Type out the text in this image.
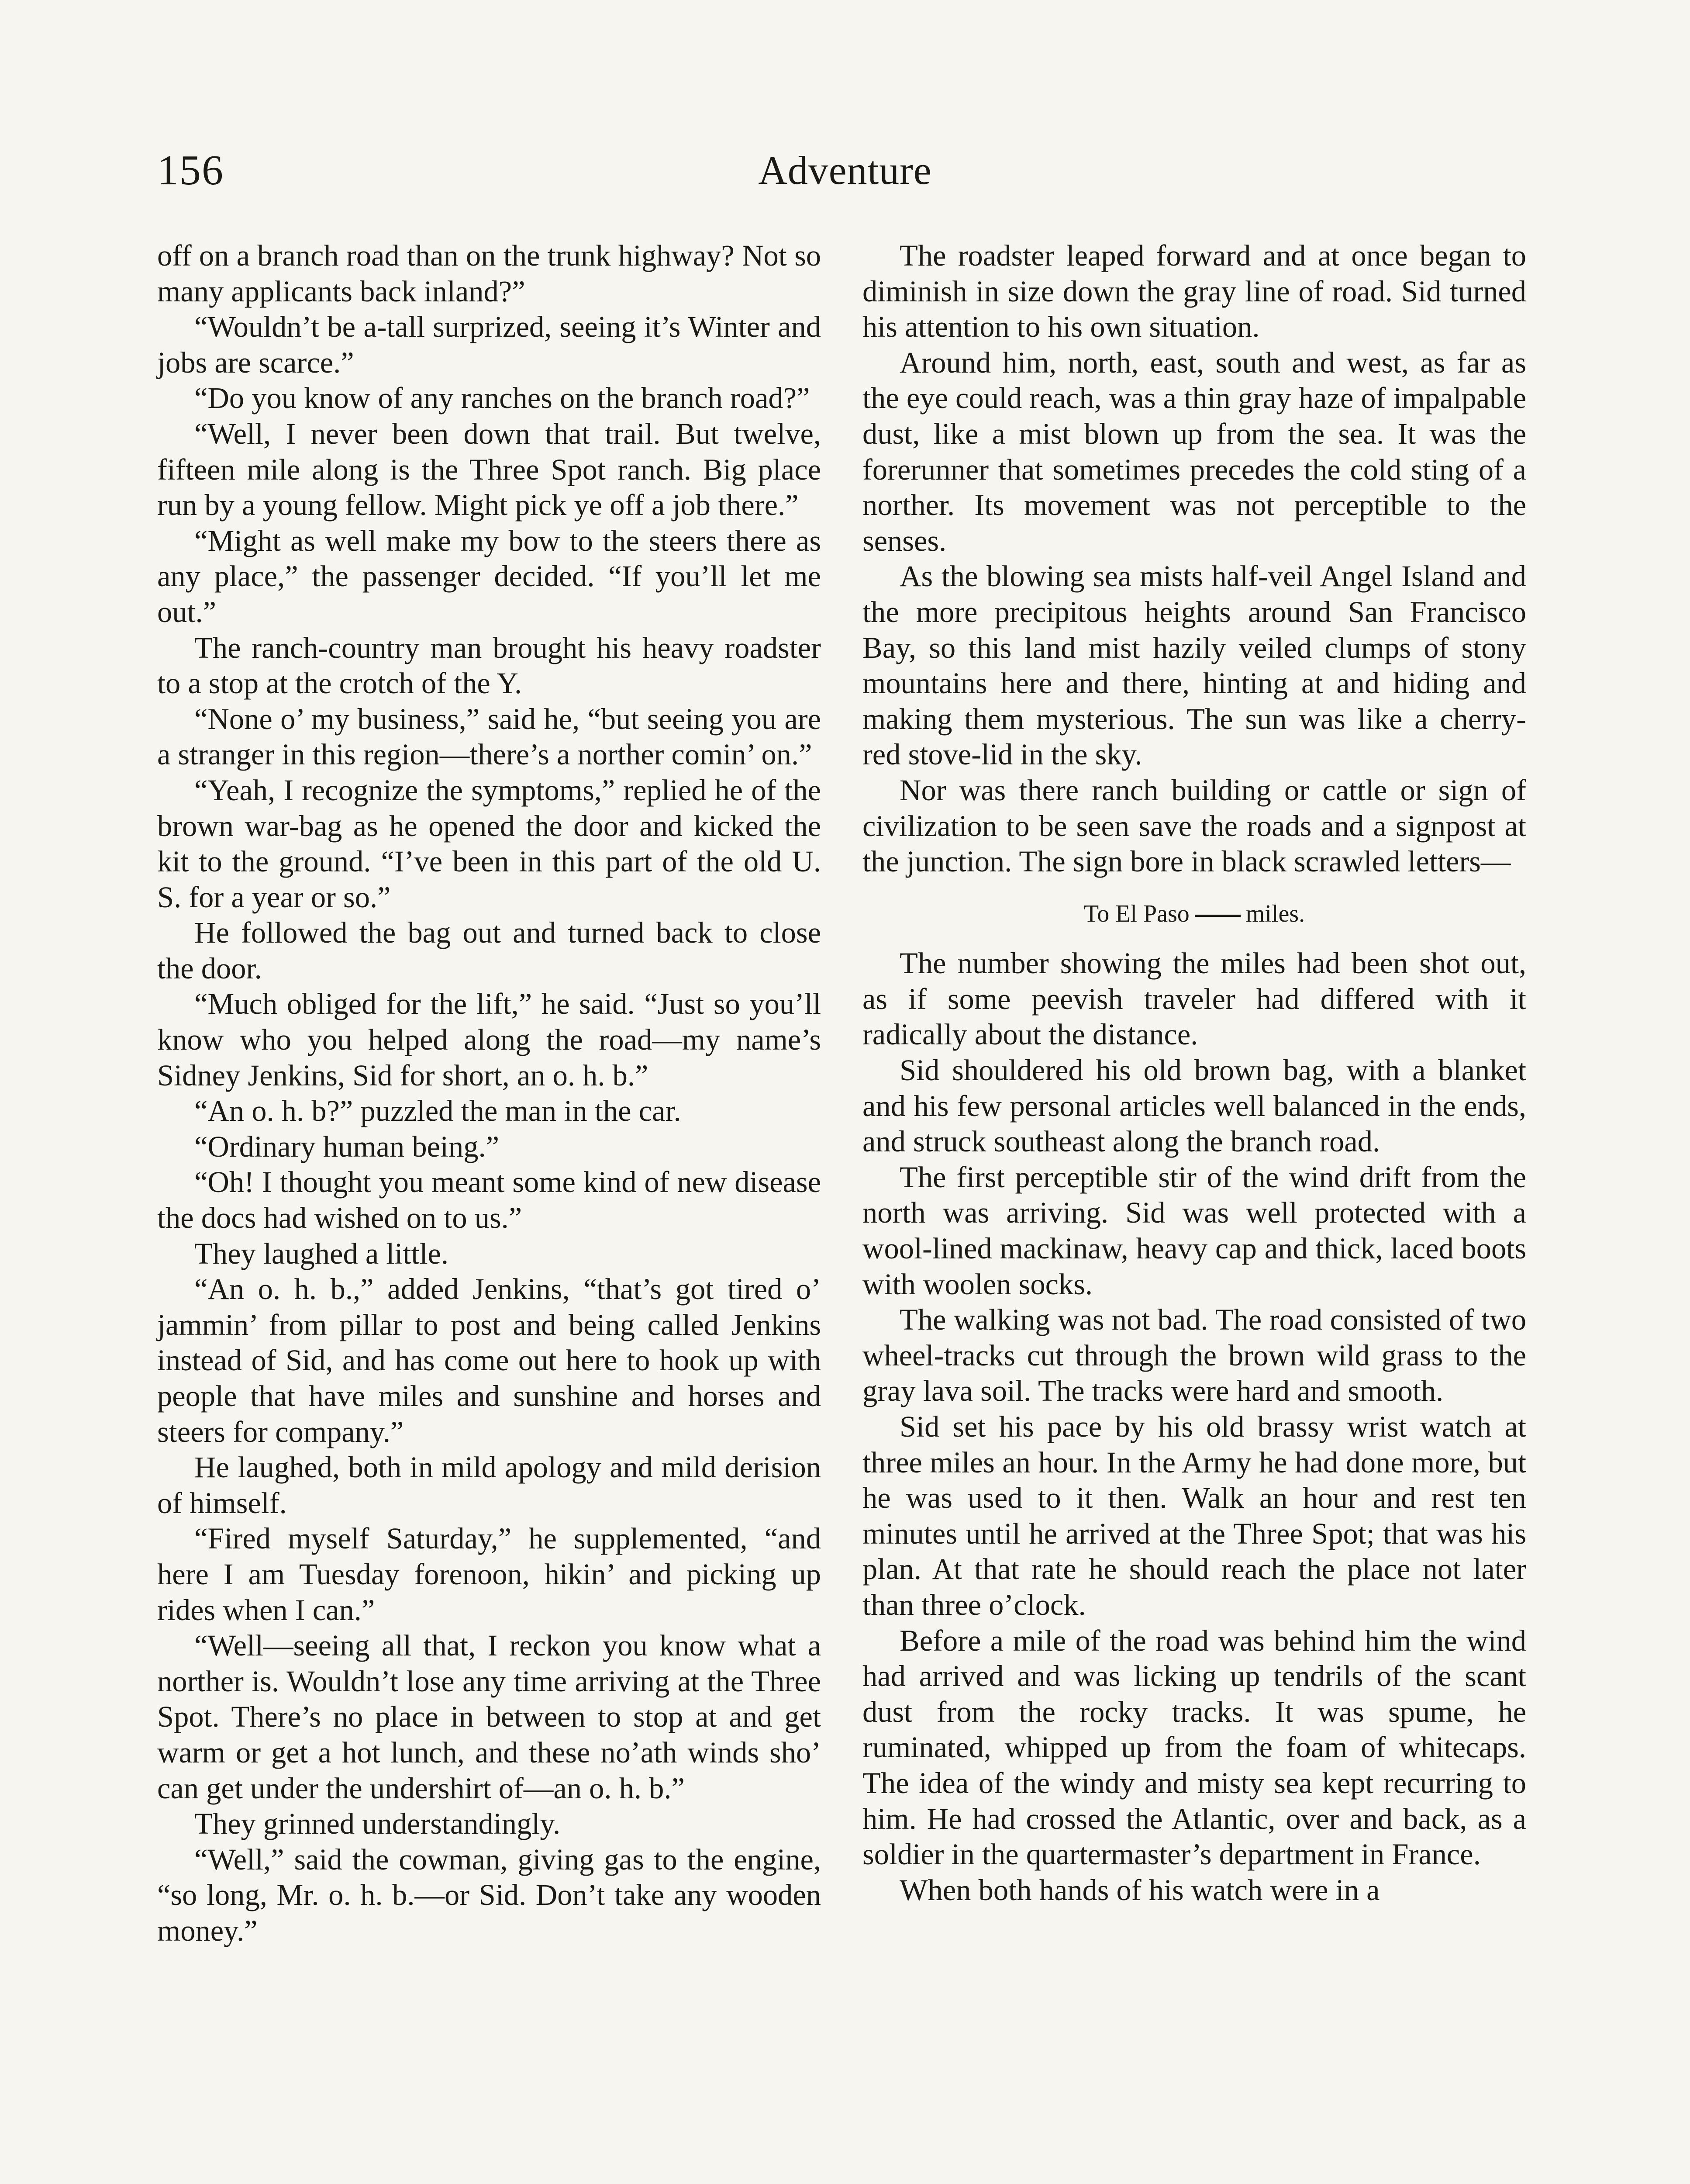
156	Adventure

off on a branch road than on the trunk highway? Not so many applicants back inland?”

“Wouldn’t be a-tall surprized, seeing it’s Winter and jobs are scarce.”

“Do you know of any ranches on the branch road?”

“Well, I never been down that trail. But twelve, fifteen mile along is the Three Spot ranch. Big place run by a young fellow. Might pick ye off a job there.”

“Might as well make my bow to the steers there as any place,” the passenger decided. “If you’ll let me out.”

The ranch-country man brought his heavy roadster to a stop at the crotch of the Y.

“None o’ my business,” said he, “but seeing you are a stranger in this region—there’s a norther comin’ on.”

“Yeah, I recognize the symptoms,” replied he of the brown war-bag as he opened the door and kicked the kit to the ground. “I’ve been in this part of the old U. S. for a year or so.”

He followed the bag out and turned back to close the door.

“Much obliged for the lift,” he said. “Just so you’ll know who you helped along the road—my name’s Sidney Jenkins, Sid for short, an o. h. b.”

“An o. h. b?” puzzled the man in the car.

“Ordinary human being.”

“Oh! I thought you meant some kind of new disease the docs had wished on to us.”

They laughed a little.

“An o. h. b.,” added Jenkins, “that’s got tired o’ jammin’ from pillar to post and being called Jenkins instead of Sid, and has come out here to hook up with people that have miles and sunshine and horses and steers for company.”

He laughed, both in mild apology and mild derision of himself.

“Fired myself Saturday,” he supplemented, “and here I am Tuesday forenoon, hikin’ and picking up rides when I can.”

“Well—seeing all that, I reckon you know what a norther is. Wouldn’t lose any time arriving at the Three Spot. There’s no place in between to stop at and get warm or get a hot lunch, and these no’ath winds sho’ can get under the undershirt of—an o. h. b.”

They grinned understandingly.

“Well,” said the cowman, giving gas to the engine, “so long, Mr. o. h. b.—or Sid. Don’t take any wooden money.”

The roadster leaped forward and at once began to diminish in size down the gray line of road. Sid turned his attention to his own situation.

Around him, north, east, south and west, as far as the eye could reach, was a thin gray haze of impalpable dust, like a mist blown up from the sea. It was the forerunner that sometimes precedes the cold sting of a norther. Its movement was not perceptible to the senses.

As the blowing sea mists half-veil Angel Island and the more precipitous heights around San Francisco Bay, so this land mist hazily veiled clumps of stony mountains here and there, hinting at and hiding and making them mysterious. The sun was like a cherry-red stove-lid in the sky.

Nor was there ranch building or cattle or sign of civilization to be seen save the roads and a signpost at the junction. The sign bore in black scrawled letters—

To El Paso miles.

The number showing the miles had been shot out, as if some peevish traveler had differed with it radically about the distance.

Sid shouldered his old brown bag, with a blanket and his few personal articles well balanced in the ends, and struck southeast along the branch road.

The first perceptible stir of the wind drift from the north was arriving. Sid was well protected with a wool-lined mackinaw, heavy cap and thick, laced boots with woolen socks.

The walking was not bad. The road consisted of two wheel-tracks cut through the brown wild grass to the gray lava soil. The tracks were hard and smooth.

Sid set his pace by his old brassy wrist watch at three miles an hour. In the Army he had done more, but he was used to it then. Walk an hour and rest ten minutes until he arrived at the Three Spot; that was his plan. At that rate he should reach the place not later than three o’clock.

Before a mile of the road was behind him the wind had arrived and was licking up tendrils of the scant dust from the rocky tracks. It was spume, he ruminated, whipped up from the foam of whitecaps. The idea of the windy and misty sea kept recurring to him. He had crossed the Atlantic, over and back, as a soldier in the quartermaster’s department in France.

When both hands of his watch were in a
